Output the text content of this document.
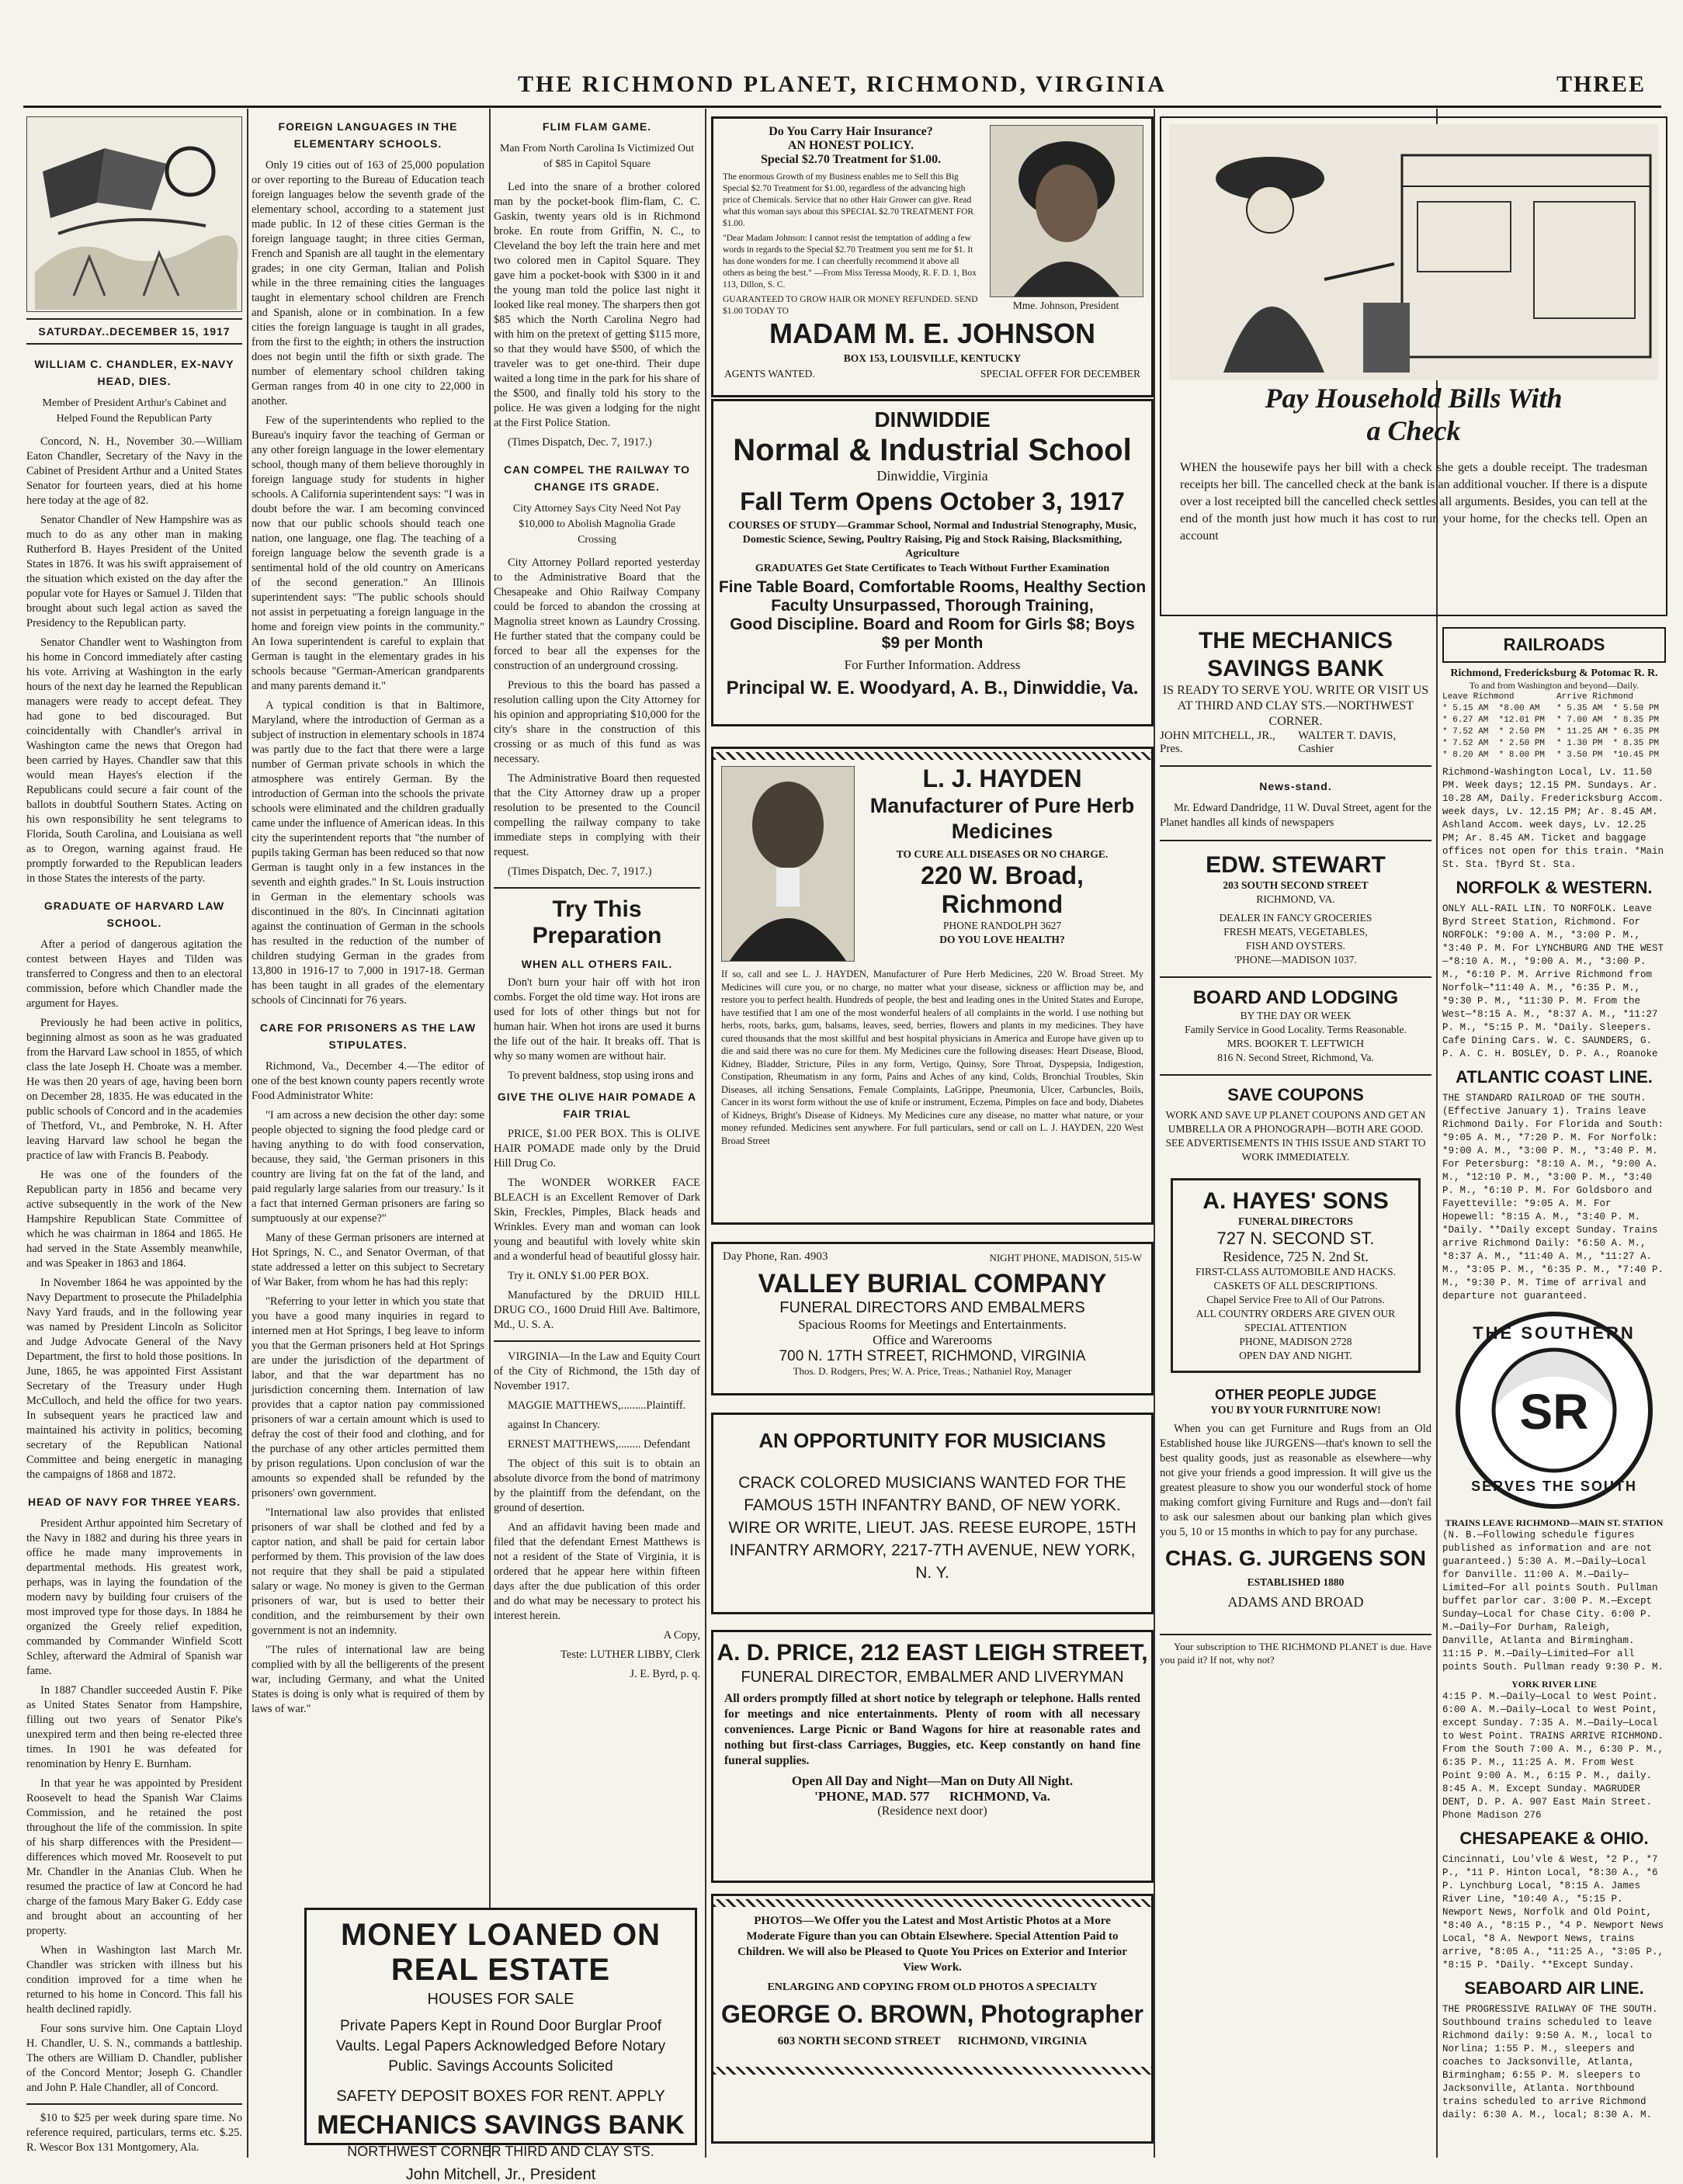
THE RICHMOND PLANET, RICHMOND, VIRGINIA	THREE
SATURDAY..DECEMBER 15, 1917
WILLIAM C. CHANDLER, EX-NAVY HEAD, DIES.
Member of President Arthur's Cabinet and Helped Found the Republican Party

Concord, N. H., November 30.—William Eaton Chandler, Secretary of the Navy in the Cabinet of President Arthur and a United States Senator for fourteen years, died at his home here today at the age of 82.

Senator Chandler of New Hampshire was as much to do as any other man in making Rutherford B. Hayes President of the United States in 1876. It was his swift appraisement of the situation which existed on the day after the popular vote for Hayes or Samuel J. Tilden that brought about such legal action as saved the Presidency to the Republican party.

Senator Chandler went to Washington from his home in Concord immediately after casting his vote. Arriving at Washington in the early hours of the next day he learned the Republican managers were ready to accept defeat. They had gone to bed discouraged. But coincidentally with Chandler's arrival in Washington came the news that Oregon had been carried by Hayes. Chandler saw that this would mean Hayes's election if the Republicans could secure a fair count of the ballots in doubtful Southern States. Acting on his own responsibility he sent telegrams to Florida, South Carolina, and Louisiana as well as to Oregon, warning against fraud. He promptly forwarded to the Republican leaders in those States the interests of the party.

GRADUATE OF HARVARD LAW SCHOOL.

After a period of dangerous agitation the contest between Hayes and Tilden was transferred to Congress and then to an electoral commission, before which Chandler made the argument for Hayes.

Previously he had been active in politics, beginning almost as soon as he was graduated from the Harvard Law school in 1855, of which class the late Joseph H. Choate was a member. He was then 20 years of age, having been born on December 28, 1835. He was educated in the public schools of Concord and in the academies of Thetford, Vt., and Pembroke, N. H. After leaving Harvard law school he began the practice of law with Francis B. Peabody.

He was one of the founders of the Republican party in 1856 and became very active subsequently in the work of the New Hampshire Republican State Committee of which he was chairman in 1864 and 1865. He had served in the State Assembly meanwhile, and was Speaker in 1863 and 1864.

In November 1864 he was appointed by the Navy Department to prosecute the Philadelphia Navy Yard frauds, and in the following year was named by President Lincoln as Solicitor and Judge Advocate General of the Navy Department, the first to hold those positions. In June, 1865, he was appointed First Assistant Secretary of the Treasury under Hugh McCulloch, and held the office for two years. In subsequent years he practiced law and maintained his activity in politics, becoming secretary of the Republican National Committee and being energetic in managing the campaigns of 1868 and 1872.

HEAD OF NAVY FOR THREE YEARS.

President Arthur appointed him Secretary of the Navy in 1882 and during his three years in office he made many improvements in departmental methods. His greatest work, perhaps, was in laying the foundation of the modern navy by building four cruisers of the most improved type for those days. In 1884 he organized the Greely relief expedition, commanded by Commander Winfield Scott Schley, afterward the Admiral of Spanish war fame.

In 1887 Chandler succeeded Austin F. Pike as United States Senator from Hampshire, filling out two years of Senator Pike's unexpired term and then being re-elected three times. In 1901 he was defeated for renomination by Henry E. Burnham.

In that year he was appointed by President Roosevelt to head the Spanish War Claims Commission, and he retained the post throughout the life of the commission. In spite of his sharp differences with the President—differences which moved Mr. Roosevelt to put Mr. Chandler in the Ananias Club. When he resumed the practice of law at Concord he had charge of the famous Mary Baker G. Eddy case and brought about an accounting of her property.

When in Washington last March Mr. Chandler was stricken with illness but his condition improved for a time when he returned to his home in Concord. This fall his health declined rapidly.

Four sons survive him. One Captain Lloyd H. Chandler, U. S. N., commands a battleship. The others are William D. Chandler, publisher of the Concord Mentor; Joseph G. Chandler and John P. Hale Chandler, all of Concord.

$10 to $25 per week during spare time. No reference required, particulars, terms etc. $.25. R. Wescor Box 131 Montgomery, Ala.

FOREIGN LANGUAGES IN THE ELEMENTARY SCHOOLS.

Only 19 cities out of 163 of 25,000 population or over reporting to the Bureau of Education teach foreign languages below the seventh grade of the elementary school, according to a statement just made public. In 12 of these cities German is the foreign language taught; in three cities German, French and Spanish are all taught in the elementary grades; in one city German, Italian and Polish while in the three remaining cities the languages taught in elementary school children are French and Spanish, alone or in combination. In a few cities the foreign language is taught in all grades, from the first to the eighth; in others the instruction does not begin until the fifth or sixth grade. The number of elementary school children taking German ranges from 40 in one city to 22,000 in another.

Few of the superintendents who replied to the Bureau's inquiry favor the teaching of German or any other foreign language in the lower elementary school, though many of them believe thoroughly in foreign language study for students in higher schools. A California superintendent says: "I was in doubt before the war. I am becoming convinced now that our public schools should teach one nation, one language, one flag. The teaching of a foreign language below the seventh grade is a sentimental hold of the old country on Americans of the second generation." An Illinois superintendent says: "The public schools should not assist in perpetuating a foreign language in the home and foreign view points in the community." An Iowa superintendent is careful to explain that German is taught in the elementary grades in his schools because "German-American grandparents and many parents demand it."

A typical condition is that in Baltimore, Maryland, where the introduction of German as a subject of instruction in elementary schools in 1874 was partly due to the fact that there were a large number of German private schools in which the atmosphere was entirely German. By the introduction of German into the schools the private schools were eliminated and the children gradually came under the influence of American ideas. In this city the superintendent reports that "the number of pupils taking German has been reduced so that now German is taught only in a few instances in the seventh and eighth grades." In St. Louis instruction in German in the elementary schools was discontinued in the 80's. In Cincinnati agitation against the continuation of German in the schools has resulted in the reduction of the number of children studying German in the grades from 13,800 in 1916-17 to 7,000 in 1917-18. German has been taught in all grades of the elementary schools of Cincinnati for 76 years.

CARE FOR PRISONERS AS THE LAW STIPULATES.

Richmond, Va., December 4.—The editor of one of the best known county papers recently wrote Food Administrator White:

"I am across a new decision the other day: some people objected to signing the food pledge card or having anything to do with food conservation, because, they said, 'the German prisoners in this country are living fat on the fat of the land, and paid regularly large salaries from our treasury.' Is it a fact that interned German prisoners are faring so sumptuously at our expense?"

Many of these German prisoners are interned at Hot Springs, N. C., and Senator Overman, of that state addressed a letter on this subject to Secretary of War Baker, from whom he has had this reply:

"Referring to your letter in which you state that you have a good many inquiries in regard to interned men at Hot Springs, I beg leave to inform you that the German prisoners held at Hot Springs are under the jurisdiction of the department of labor, and that the war department has no jurisdiction concerning them. Internation of law provides that a captor nation pay commissioned prisoners of war a certain amount which is used to defray the cost of their food and clothing, and for the purchase of any other articles permitted them by prison regulations. Upon conclusion of war the amounts so expended shall be refunded by the prisoners' own government.

"International law also provides that enlisted prisoners of war shall be clothed and fed by a captor nation, and shall be paid for certain labor performed by them. This provision of the law does not require that they shall be paid a stipulated salary or wage. No money is given to the German prisoners of war, but is used to better their condition, and the reimbursement by their own government is not an indemnity.

"The rules of international law are being complied with by all the belligerents of the present war, including Germany, and what the United States is doing is only what is required of them by laws of war."

MONEY LOANED ON REAL ESTATE
HOUSES FOR SALE
Private Papers Kept in Round Door Burglar Proof Vaults. Legal Papers Acknowledged Before Notary Public. Savings Accounts Solicited
SAFETY DEPOSIT BOXES FOR RENT. APPLY
MECHANICS SAVINGS BANK
NORTHWEST CORNER THIRD AND CLAY STS.
John Mitchell, Jr., President
FLIM FLAM GAME.
Man From North Carolina Is Victimized Out of $85 in Capitol Square

Led into the snare of a brother colored man by the pocket-book flim-flam, C. C. Gaskin, twenty years old is in Richmond broke. En route from Griffin, N. C., to Cleveland the boy left the train here and met two colored men in Capitol Square. They gave him a pocket-book with $300 in it and the young man told the police last night it looked like real money. The sharpers then got $85 which the North Carolina Negro had with him on the pretext of getting $115 more, so that they would have $500, of which the traveler was to get one-third. Their dupe waited a long time in the park for his share of the $500, and finally told his story to the police. He was given a lodging for the night at the First Police Station.

(Times Dispatch, Dec. 7, 1917.)

CAN COMPEL THE RAILWAY TO CHANGE ITS GRADE.
City Attorney Says City Need Not Pay $10,000 to Abolish Magnolia Grade Crossing

City Attorney Pollard reported yesterday to the Administrative Board that the Chesapeake and Ohio Railway Company could be forced to abandon the crossing at Magnolia street known as Laundry Crossing. He further stated that the company could be forced to bear all the expenses for the construction of an underground crossing.

Previous to this the board has passed a resolution calling upon the City Attorney for his opinion and appropriating $10,000 for the city's share in the construction of this crossing or as much of this fund as was necessary.

The Administrative Board then requested that the City Attorney draw up a proper resolution to be presented to the Council compelling the railway company to take immediate steps in complying with their request.

(Times Dispatch, Dec. 7, 1917.)

Try This Preparation
WHEN ALL OTHERS FAIL.

Don't burn your hair off with hot iron combs. Forget the old time way. Hot irons are used for lots of other things but not for human hair. When hot irons are used it burns the life out of the hair. It breaks off. That is why so many women are without hair.

To prevent baldness, stop using irons and

GIVE THE OLIVE HAIR POMADE A FAIR TRIAL

PRICE, $1.00 PER BOX. This is OLIVE HAIR POMADE made only by the Druid Hill Drug Co.

The WONDER WORKER FACE BLEACH is an Excellent Remover of Dark Skin, Freckles, Pimples, Black heads and Wrinkles. Every man and woman can look young and beautiful with lovely white skin and a wonderful head of beautiful glossy hair.

Try it. ONLY $1.00 PER BOX.

Manufactured by the DRUID HILL DRUG CO., 1600 Druid Hill Ave. Baltimore, Md., U. S. A.

VIRGINIA—In the Law and Equity Court of the City of Richmond, the 15th day of November 1917.

MAGGIE MATTHEWS,.........Plaintiff.

against In Chancery.

ERNEST MATTHEWS,........ Defendant

The object of this suit is to obtain an absolute divorce from the bond of matrimony by the plaintiff from the defendant, on the ground of desertion.

And an affidavit having been made and filed that the defendant Ernest Matthews is not a resident of the State of Virginia, it is ordered that he appear here within fifteen days after the due publication of this order and do what may be necessary to protect his interest herein.

A Copy,

Teste: LUTHER LIBBY, Clerk

J. E. Byrd, p. q.

Do You Carry Hair Insurance?
AN HONEST POLICY.
Special $2.70 Treatment for $1.00.
The enormous Growth of my Business enables me to Sell this Big Special $2.70 Treatment for $1.00, regardless of the advancing high price of Chemicals. Service that no other Hair Grower can give. Read what this woman says about this SPECIAL $2.70 TREATMENT FOR $1.00.
"Dear Madam Johnson: I cannot resist the temptation of adding a few words in regards to the Special $2.70 Treatment you sent me for $1. It has done wonders for me. I can cheerfully recommend it above all others as being the best." —From Miss Teressa Moody, R. F. D. 1, Box 113, Dillon, S. C.
GUARANTEED TO GROW HAIR OR MONEY REFUNDED. SEND $1.00 TODAY TO	Mme. Johnson, President
MADAM M. E. JOHNSON
BOX 153, LOUISVILLE, KENTUCKY
AGENTS WANTED.	SPECIAL OFFER FOR DECEMBER
DINWIDDIE
Normal & Industrial School
Dinwiddie, Virginia
Fall Term Opens October 3, 1917
COURSES OF STUDY—Grammar School, Normal and Industrial Stenography, Music, Domestic Science, Sewing, Poultry Raising, Pig and Stock Raising, Blacksmithing, Agriculture
GRADUATES Get State Certificates to Teach Without Further Examination
Fine Table Board, Comfortable Rooms, Healthy Section
Faculty Unsurpassed, Thorough Training,
Good Discipline. Board and Room for Girls $8; Boys $9 per Month
For Further Information. Address
Principal W. E. Woodyard, A. B., Dinwiddie, Va.
L. J. HAYDEN
Manufacturer of Pure Herb Medicines
TO CURE ALL DISEASES OR NO CHARGE.
220 W. Broad, Richmond
PHONE RANDOLPH 3627
DO YOU LOVE HEALTH?
If so, call and see L. J. HAYDEN, Manufacturer of Pure Herb Medicines, 220 W. Broad Street. My Medicines will cure you, or no charge, no matter what your disease, sickness or affliction may be, and restore you to perfect health. Hundreds of people, the best and leading ones in the United States and Europe, have testified that I am one of the most wonderful healers of all complaints in the world. I use nothing but herbs, roots, barks, gum, balsams, leaves, seed, berries, flowers and plants in my medicines. They have cured thousands that the most skillful and best hospital physicians in America and Europe have given up to die and said there was no cure for them. My Medicines cure the following diseases: Heart Disease, Blood, Kidney, Bladder, Stricture, Piles in any form, Vertigo, Quinsy, Sore Throat, Dyspepsia, Indigestion, Constipation, Rheumatism in any form, Pains and Aches of any kind, Colds, Bronchial Troubles, Skin Diseases, all itching Sensations, Female Complaints, LaGrippe, Pneumonia, Ulcer, Carbuncles, Boils, Cancer in its worst form without the use of knife or instrument, Eczema, Pimples on face and body, Diabetes of Kidneys, Bright's Disease of Kidneys. My Medicines cure any disease, no matter what nature, or your money refunded. Medicines sent anywhere. For full particulars, send or call on L. J. HAYDEN, 220 West Broad Street
Day Phone, Ran. 4903	NIGHT PHONE, MADISON, 515-W
VALLEY BURIAL COMPANY
FUNERAL DIRECTORS AND EMBALMERS
Spacious Rooms for Meetings and Entertainments.
Office and Warerooms
700 N. 17TH STREET, RICHMOND, VIRGINIA
Thos. D. Rodgers, Pres; W. A. Price, Treas.; Nathaniel Roy, Manager
AN OPPORTUNITY FOR MUSICIANS
CRACK COLORED MUSICIANS WANTED FOR THE FAMOUS 15TH INFANTRY BAND, OF NEW YORK. WIRE OR WRITE, LIEUT. JAS. REESE EUROPE, 15TH INFANTRY ARMORY, 2217-7TH AVENUE, NEW YORK, N. Y.
A. D. PRICE, 212 EAST LEIGH STREET,
FUNERAL DIRECTOR, EMBALMER AND LIVERYMAN
All orders promptly filled at short notice by telegraph or telephone. Halls rented for meetings and nice entertainments. Plenty of room with all necessary conveniences. Large Picnic or Band Wagons for hire at reasonable rates and nothing but first-class Carriages, Buggies, etc. Keep constantly on hand fine funeral supplies.
Open All Day and Night—Man on Duty All Night.
'PHONE, MAD. 577 RICHMOND, Va.
(Residence next door)
PHOTOS—We Offer you the Latest and Most Artistic Photos at a More Moderate Figure than you can Obtain Elsewhere. Special Attention Paid to Children. We will also be Pleased to Quote You Prices on Exterior and Interior View Work.
ENLARGING AND COPYING FROM OLD PHOTOS A SPECIALTY
GEORGE O. BROWN, Photographer
603 NORTH SECOND STREET RICHMOND, VIRGINIA
Pay Household Bills With
a Check
WHEN the housewife pays her bill with a check she gets a double receipt. The tradesman receipts her bill. The cancelled check at the bank is an additional voucher. If there is a dispute over a lost receipted bill the cancelled check settles all arguments. Besides, you can tell at the end of the month just how much it has cost to run your home, for the checks tell. Open an account
THE MECHANICS SAVINGS BANK
IS READY TO SERVE YOU. WRITE OR VISIT US AT THIRD AND CLAY STS.—NORTHWEST CORNER.
JOHN MITCHELL, JR., Pres.
WALTER T. DAVIS, Cashier
News-stand.

Mr. Edward Dandridge, 11 W. Duval Street, agent for the Planet handles all kinds of newspapers

EDW. STEWART
203 SOUTH SECOND STREET
RICHMOND, VA.
DEALER IN FANCY GROCERIES
FRESH MEATS, VEGETABLES,
FISH AND OYSTERS.
'PHONE—MADISON 1037.
BOARD AND LODGING
BY THE DAY OR WEEK
Family Service in Good Locality. Terms Reasonable.
MRS. BOOKER T. LEFTWICH
816 N. Second Street, Richmond, Va.
SAVE COUPONS
WORK AND SAVE UP PLANET COUPONS AND GET AN UMBRELLA OR A PHONOGRAPH—BOTH ARE GOOD. SEE ADVERTISEMENTS IN THIS ISSUE AND START TO WORK IMMEDIATELY.
A. HAYES' SONS
FUNERAL DIRECTORS
727 N. SECOND ST.
Residence, 725 N. 2nd St.
FIRST-CLASS AUTOMOBILE AND HACKS. CASKETS OF ALL DESCRIPTIONS.
Chapel Service Free to All of Our Patrons.
ALL COUNTRY ORDERS ARE GIVEN OUR SPECIAL ATTENTION
PHONE, MADISON 2728
OPEN DAY AND NIGHT.
OTHER PEOPLE JUDGE
YOU BY YOUR FURNITURE NOW!

When you can get Furniture and Rugs from an Old Established house like JURGENS—that's known to sell the best quality goods, just as reasonable as elsewhere—why not give your friends a good impression. It will give us the greatest pleasure to show you our wonderful stock of home making comfort giving Furniture and Rugs and—don't fail to ask our salesmen about our banking plan which gives you 5, 10 or 15 months in which to pay for any purchase.

CHAS. G. JURGENS SON
ESTABLISHED 1880
ADAMS AND BROAD

Your subscription to THE RICHMOND PLANET is due. Have you paid it? If not, why not?

RAILROADS
Richmond, Fredericksburg & Potomac R. R.
To and from Washington and beyond—Daily.
Leave Richmond
* 5.15 AM  *8.00 AM
* 6.27 AM  *12.01 PM
* 7.52 AM  * 2.50 PM
* 7.52 AM  * 2.50 PM
* 8.20 AM  * 8.00 PM
Arrive Richmond
* 5.35 AM  * 5.50 PM
* 7.00 AM  * 8.35 PM
* 11.25 AM * 6.35 PM
* 1.30 PM  * 8.35 PM
* 3.50 PM  *10.45 PM
Richmond-Washington Local, Lv. 11.50 PM. Week days; 12.15 PM. Sundays. Ar. 10.28 AM, Daily. Fredericksburg Accom. week days, Lv. 12.15 PM; Ar. 8.45 AM. Ashland Accom. week days, Lv. 12.25 PM; Ar. 8.45 AM. Ticket and baggage offices not open for this train. *Main St. Sta. †Byrd St. Sta.
NORFOLK & WESTERN.
ONLY ALL-RAIL LIN. TO NORFOLK. Leave Byrd Street Station, Richmond. For NORFOLK: *9:00 A. M., *3:00 P. M., *3:40 P. M. For LYNCHBURG AND THE WEST—*8:10 A. M., *9:00 A. M., *3:00 P. M., *6:10 P. M. Arrive Richmond from Norfolk—*11:40 A. M., *6:35 P. M., *9:30 P. M., *11:30 P. M. From the West—*8:15 A. M., *8:37 A. M., *11:27 P. M., *5:15 P. M. *Daily. Sleepers. Cafe Dining Cars. W. C. SAUNDERS, G. P. A. C. H. BOSLEY, D. P. A., Roanoke
ATLANTIC COAST LINE.
THE STANDARD RAILROAD OF THE SOUTH. (Effective January 1). Trains leave Richmond Daily. For Florida and South: *9:05 A. M., *7:20 P. M. For Norfolk: *9:00 A. M., *3:00 P. M., *3:40 P. M. For Petersburg: *8:10 A. M., *9:00 A. M., *12:10 P. M., *3:00 P. M., *3:40 P. M., *6:10 P. M. For Goldsboro and Fayetteville: *9:05 A. M. For Hopewell: *8:15 A. M., *3:40 P. M. *Daily. **Daily except Sunday. Trains arrive Richmond Daily: *6:50 A. M., *8:37 A. M., *11:40 A. M., *11:27 A. M., *3:05 P. M., *6:35 P. M., *7:40 P. M., *9:30 P. M. Time of arrival and departure not guaranteed.
THE SOUTHERN
SR
SERVES THE SOUTH
TRAINS LEAVE RICHMOND—MAIN ST. STATION
(N. B.—Following schedule figures published as information and are not guaranteed.) 5:30 A. M.—Daily—Local for Danville. 11:00 A. M.—Daily—Limited—For all points South. Pullman buffet parlor car. 3:00 P. M.—Except Sunday—Local for Chase City. 6:00 P. M.—Daily—For Durham, Raleigh, Danville, Atlanta and Birmingham. 11:15 P. M.—Daily—Limited—For all points South. Pullman ready 9:30 P. M.
YORK RIVER LINE
4:15 P. M.—Daily—Local to West Point. 6:00 A. M.—Daily—Local to West Point, except Sunday. 7:35 A. M.—Daily—Local to West Point. TRAINS ARRIVE RICHMOND. From the South 7:00 A. M., 6:30 P. M., 6:35 P. M., 11:25 A. M. From West Point 9:00 A. M., 6:15 P. M., daily. 8:45 A. M. Except Sunday. MAGRUDER DENT, D. P. A. 907 East Main Street. Phone Madison 276
CHESAPEAKE & OHIO.
Cincinnati, Lou'vle & West, *2 P., *7 P., *11 P. Hinton Local, *8:30 A., *6 P. Lynchburg Local, *8:15 A. James River Line, *10:40 A., *5:15 P. Newport News, Norfolk and Old Point, *8:40 A., *8:15 P., *4 P. Newport News Local, *8 A. Newport News, trains arrive, *8:05 A., *11:25 A., *3:05 P., *8:15 P. *Daily. **Except Sunday.
SEABOARD AIR LINE.
THE PROGRESSIVE RAILWAY OF THE SOUTH. Southbound trains scheduled to leave Richmond daily: 9:50 A. M., local to Norlina; 1:55 P. M., sleepers and coaches to Jacksonville, Atlanta, Birmingham; 6:55 P. M. sleepers to Jacksonville, Atlanta. Northbound trains scheduled to arrive Richmond daily: 6:30 A. M., local; 8:30 A. M.
